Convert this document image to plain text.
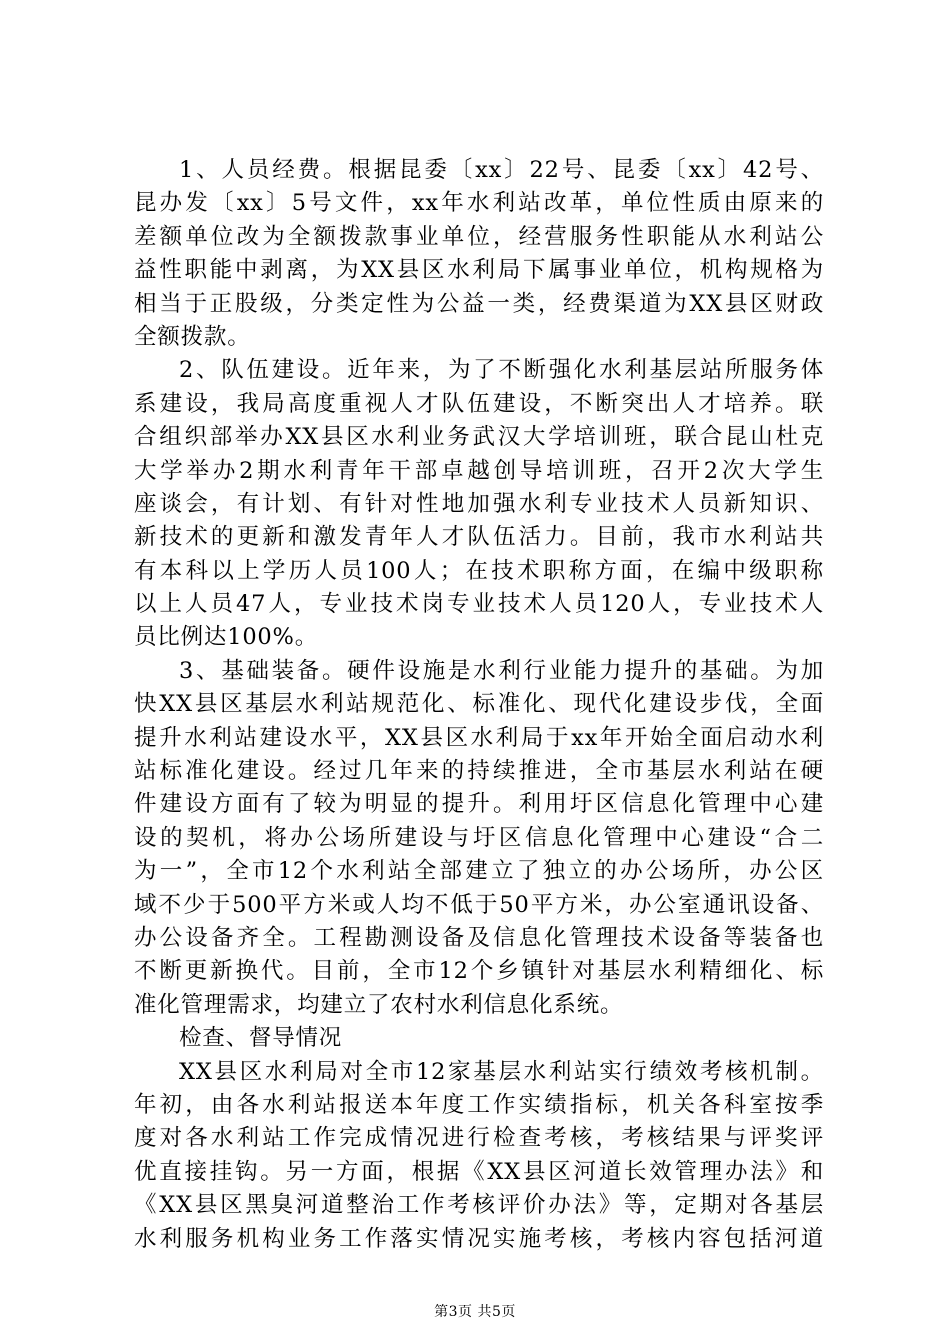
1、人员经费。根据昆委〔xx〕22号、昆委〔xx〕42号、
昆办发〔xx〕5号文件，xx年水利站改革，单位性质由原来的
差额单位改为全额拨款事业单位，经营服务性职能从水利站公
益性职能中剥离，为XX县区水利局下属事业单位，机构规格为
相当于正股级，分类定性为公益一类，经费渠道为XX县区财政
全额拨款。
2、队伍建设。近年来，为了不断强化水利基层站所服务体
系建设，我局高度重视人才队伍建设，不断突出人才培养。联
合组织部举办XX县区水利业务武汉大学培训班，联合昆山杜克
大学举办2期水利青年干部卓越创导培训班，召开2次大学生
座谈会，有计划、有针对性地加强水利专业技术人员新知识、
新技术的更新和激发青年人才队伍活力。目前，我市水利站共
有本科以上学历人员100人；在技术职称方面，在编中级职称
以上人员47人，专业技术岗专业技术人员120人，专业技术人
员比例达100%。
3、基础装备。硬件设施是水利行业能力提升的基础。为加
快XX县区基层水利站规范化、标准化、现代化建设步伐，全面
提升水利站建设水平，XX县区水利局于xx年开始全面启动水利
站标准化建设。经过几年来的持续推进，全市基层水利站在硬
件建设方面有了较为明显的提升。利用圩区信息化管理中心建
设的契机，将办公场所建设与圩区信息化管理中心建设“合二
为一”，全市12个水利站全部建立了独立的办公场所，办公区
域不少于500平方米或人均不低于50平方米，办公室通讯设备、
办公设备齐全。工程勘测设备及信息化管理技术设备等装备也
不断更新换代。目前，全市12个乡镇针对基层水利精细化、标
准化管理需求，均建立了农村水利信息化系统。
检查、督导情况
XX县区水利局对全市12家基层水利站实行绩效考核机制。
年初，由各水利站报送本年度工作实绩指标，机关各科室按季
度对各水利站工作完成情况进行检查考核，考核结果与评奖评
优直接挂钩。另一方面，根据《XX县区河道长效管理办法》和
《XX县区黑臭河道整治工作考核评价办法》等，定期对各基层
水利服务机构业务工作落实情况实施考核，考核内容包括河道
第3页 共5页
